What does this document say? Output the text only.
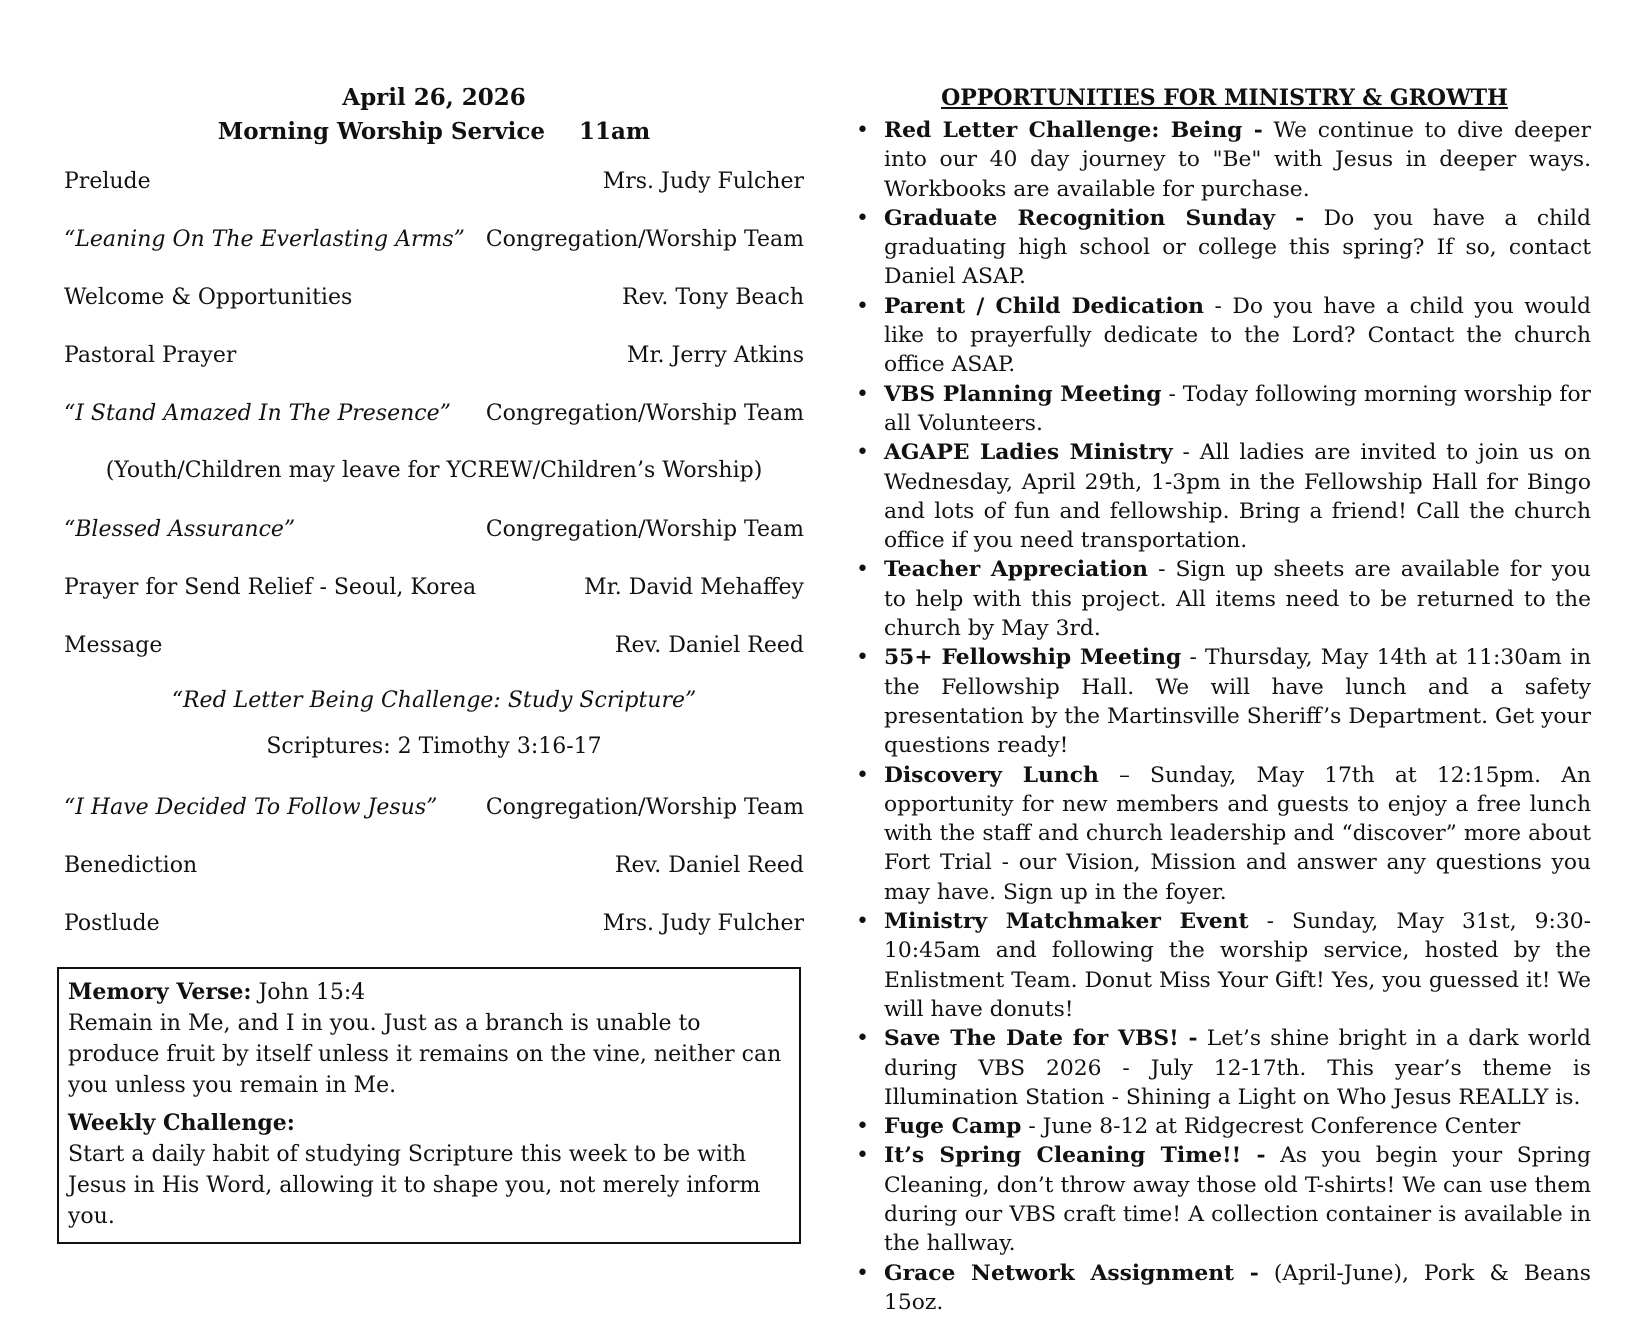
April 26, 2026
Morning Worship Service 11am
Prelude	Mrs. Judy Fulcher
“Leaning On The Everlasting Arms” Congregation/Worship Team
Welcome & Opportunities	Rev. Tony Beach
Pastoral Prayer	Mr. Jerry Atkins
“I Stand Amazed In The Presence” Congregation/Worship Team
(Youth/Children may leave for YCREW/Children’s Worship)
“Blessed Assurance”	Congregation/Worship Team
Prayer for Send Relief - Seoul, Korea	Mr. David Mehaffey
Message	Rev. Daniel Reed
“Red Letter Being Challenge: Study Scripture”
Scriptures: 2 Timothy 3:16-17
“I Have Decided To Follow Jesus” Congregation/Worship Team
Benediction	Rev. Daniel Reed
Postlude	Mrs. Judy Fulcher

Memory Verse: John 15:4

Remain in Me, and I in you. Just as a branch is unable to produce fruit by itself unless it remains on the vine, neither can you unless you remain in Me.

Weekly Challenge:

Start a daily habit of studying Scripture this week to be with Jesus in His Word, allowing it to shape you, not merely inform you.

OPPORTUNITIES FOR MINISTRY & GROWTH
• Red Letter Challenge: Being - We continue to dive deeper into our 40 day journey to "Be" with Jesus in deeper ways. Workbooks are available for purchase.
• Graduate Recognition Sunday - Do you have a child graduating high school or college this spring? If so, contact Daniel ASAP.
• Parent / Child Dedication - Do you have a child you would like to prayerfully dedicate to the Lord? Contact the church office ASAP.
• VBS Planning Meeting - Today following morning worship for all Volunteers.
• AGAPE Ladies Ministry - All ladies are invited to join us on Wednesday, April 29th, 1-3pm in the Fellowship Hall for Bingo and lots of fun and fellowship. Bring a friend! Call the church office if you need transportation.
• Teacher Appreciation - Sign up sheets are available for you to help with this project. All items need to be returned to the church by May 3rd.
• 55+ Fellowship Meeting - Thursday, May 14th at 11:30am in the Fellowship Hall. We will have lunch and a safety presentation by the Martinsville Sheriff’s Department. Get your questions ready!
• Discovery Lunch – Sunday, May 17th at 12:15pm. An opportunity for new members and guests to enjoy a free lunch with the staff and church leadership and “discover” more about Fort Trial - our Vision, Mission and answer any questions you may have. Sign up in the foyer.
• Ministry Matchmaker Event - Sunday, May 31st, 9:30-10:45am and following the worship service, hosted by the Enlistment Team. Donut Miss Your Gift! Yes, you guessed it! We will have donuts!
• Save The Date for VBS! - Let’s shine bright in a dark world during VBS 2026 - July 12-17th. This year’s theme is Illumination Station - Shining a Light on Who Jesus REALLY is.
• Fuge Camp - June 8-12 at Ridgecrest Conference Center
• It’s Spring Cleaning Time!! - As you begin your Spring Cleaning, don’t throw away those old T-shirts! We can use them during our VBS craft time! A collection container is available in the hallway.
• Grace Network Assignment - (April-June), Pork & Beans 15oz.
